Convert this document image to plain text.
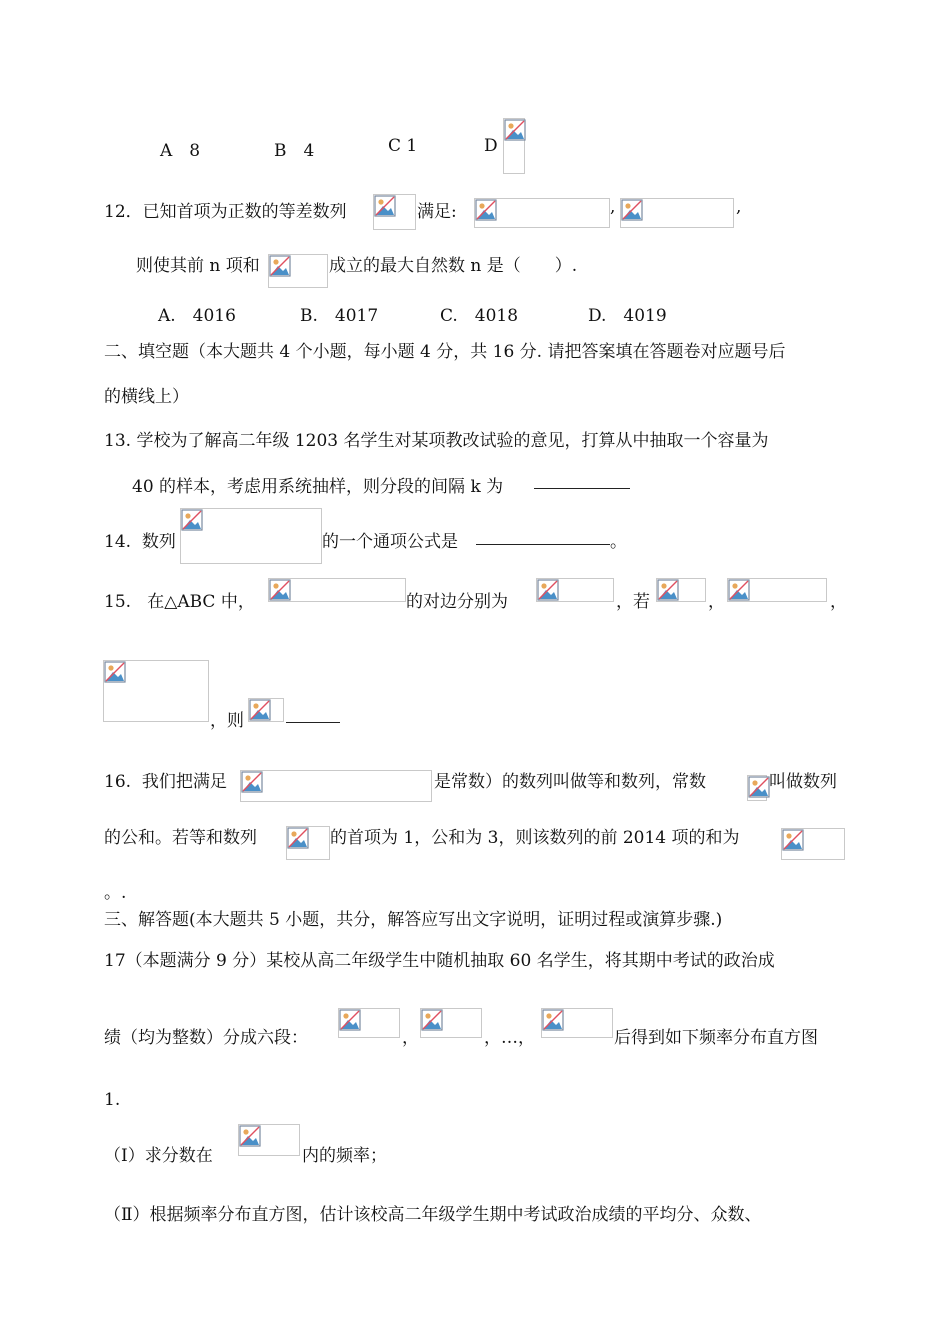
A　8	B　4	C 1	D
12．已知首项为正数的等差数列	满足:	,	,
则使其前 n 项和	成立的最大自然数 n 是（　　）.
A.　4016	B.　4017	C.　4018	D.　4019
二、填空题（本大题共 4 个小题，每小题 4 分，共 16 分. 请把答案填在答题卷对应题号后
的横线上）
13. 学校为了解高二年级 1203 名学生对某项教改试验的意见，打算从中抽取一个容量为
40 的样本，考虑用系统抽样，则分段的间隔 k 为
14.  数列	的一个通项公式是	。
15.   在△ABC 中，	的对边分别为	，若	，	，
，则
16.  我们把满足	是常数）的数列叫做等和数列，常数	叫做数列
的公和。若等和数列	的首项为 1，公和为 3，则该数列的前 2014 项的和为
。.
三、解答题(本大题共 5 小题，共分，解答应写出文字说明，证明过程或演算步骤.)
17（本题满分 9 分）某校从高二年级学生中随机抽取 60 名学生，将其期中考试的政治成
绩（均为整数）分成六段：	，	，…，	后得到如下频率分布直方图
1.
（Ⅰ）求分数在	内的频率；
（Ⅱ）根据频率分布直方图，估计该校高二年级学生期中考试政治成绩的平均分、众数、
